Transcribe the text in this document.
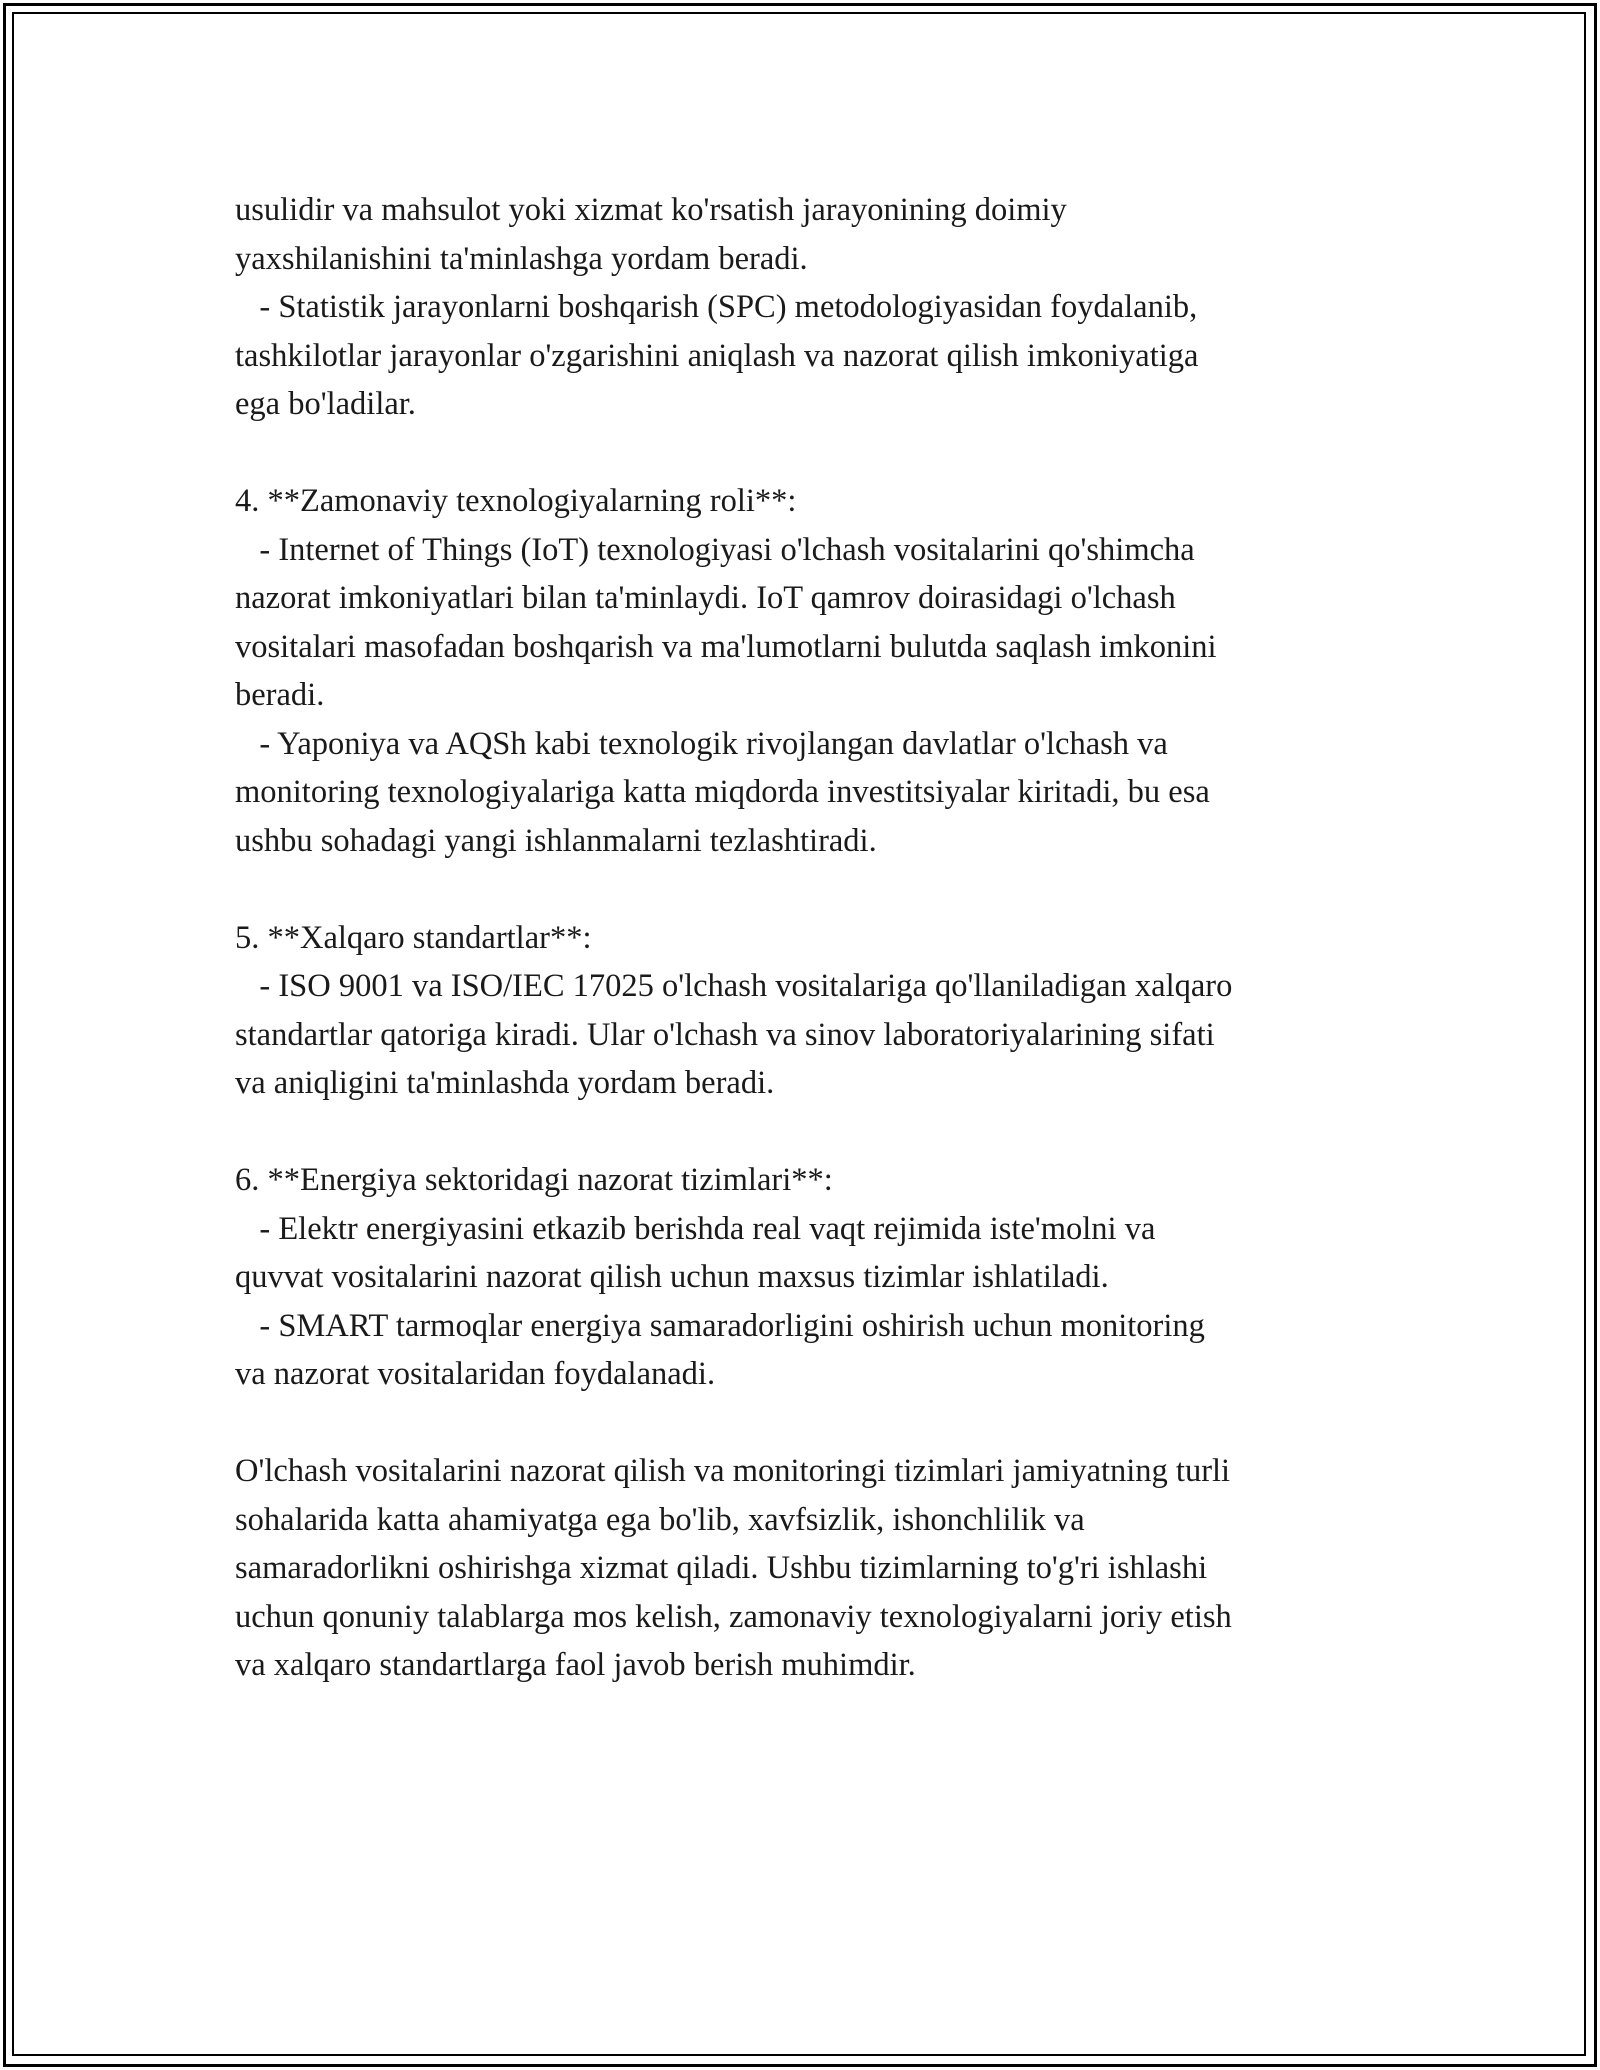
usulidir va mahsulot yoki xizmat ko'rsatish jarayonining doimiy
yaxshilanishini ta'minlashga yordam beradi.
- Statistik jarayonlarni boshqarish (SPC) metodologiyasidan foydalanib,
tashkilotlar jarayonlar o'zgarishini aniqlash va nazorat qilish imkoniyatiga
ega bo'ladilar.
4. **Zamonaviy texnologiyalarning roli**:
- Internet of Things (IoT) texnologiyasi o'lchash vositalarini qo'shimcha
nazorat imkoniyatlari bilan ta'minlaydi. IoT qamrov doirasidagi o'lchash
vositalari masofadan boshqarish va ma'lumotlarni bulutda saqlash imkonini
beradi.
- Yaponiya va AQSh kabi texnologik rivojlangan davlatlar o'lchash va
monitoring texnologiyalariga katta miqdorda investitsiyalar kiritadi, bu esa
ushbu sohadagi yangi ishlanmalarni tezlashtiradi.
5. **Xalqaro standartlar**:
- ISO 9001 va ISO/IEC 17025 o'lchash vositalariga qo'llaniladigan xalqaro
standartlar qatoriga kiradi. Ular o'lchash va sinov laboratoriyalarining sifati
va aniqligini ta'minlashda yordam beradi.
6. **Energiya sektoridagi nazorat tizimlari**:
- Elektr energiyasini etkazib berishda real vaqt rejimida iste'molni va
quvvat vositalarini nazorat qilish uchun maxsus tizimlar ishlatiladi.
- SMART tarmoqlar energiya samaradorligini oshirish uchun monitoring
va nazorat vositalaridan foydalanadi.
O'lchash vositalarini nazorat qilish va monitoringi tizimlari jamiyatning turli
sohalarida katta ahamiyatga ega bo'lib, xavfsizlik, ishonchlilik va
samaradorlikni oshirishga xizmat qiladi. Ushbu tizimlarning to'g'ri ishlashi
uchun qonuniy talablarga mos kelish, zamonaviy texnologiyalarni joriy etish
va xalqaro standartlarga faol javob berish muhimdir.
